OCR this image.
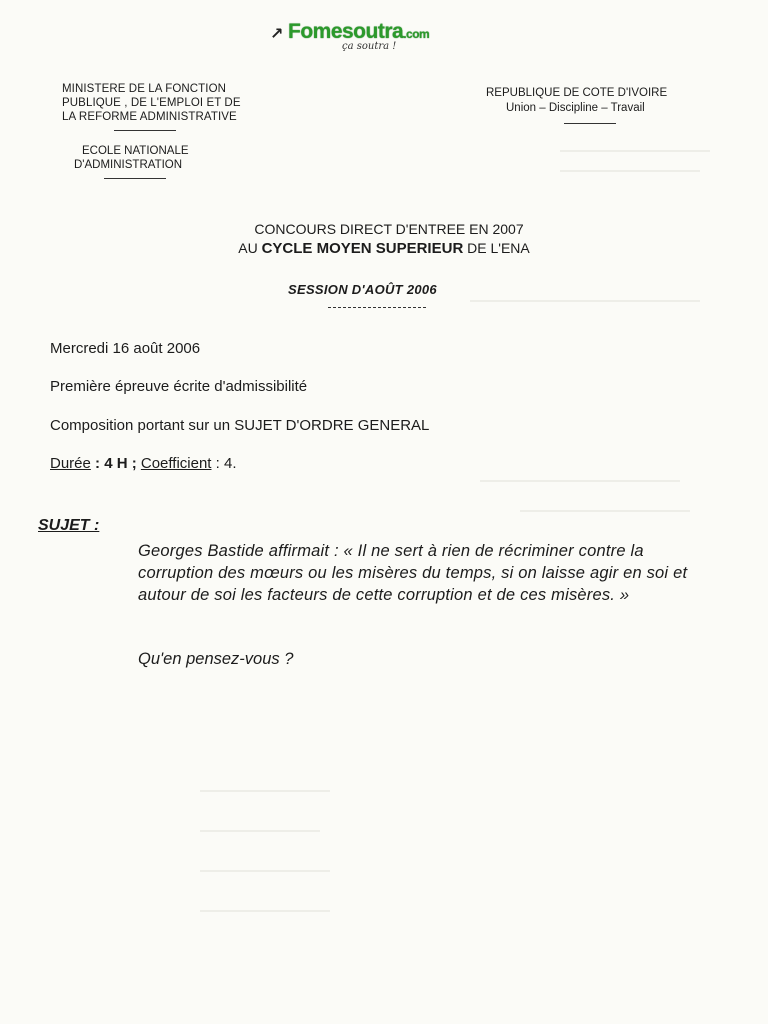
↗ Fomesoutra.com
ça soutra !
MINISTERE DE LA FONCTION
PUBLIQUE , DE L'EMPLOI ET DE
LA REFORME ADMINISTRATIVE
ECOLE NATIONALE
D'ADMINISTRATION
REPUBLIQUE DE COTE D'IVOIRE
Union – Discipline – Travail
CONCOURS DIRECT D'ENTREE EN 2007
AU CYCLE MOYEN SUPERIEUR DE L'ENA
SESSION D'AOÛT 2006
Mercredi 16 août 2006
Première épreuve écrite d'admissibilité
Composition portant sur un SUJET D'ORDRE GENERAL
Durée : 4 H ; Coefficient : 4.
SUJET :
Georges Bastide affirmait : « Il ne sert à rien de récriminer contre la corruption des mœurs ou les misères du temps, si on laisse agir en soi et autour de soi les facteurs de cette corruption et de ces misères. »
Qu'en pensez-vous ?
